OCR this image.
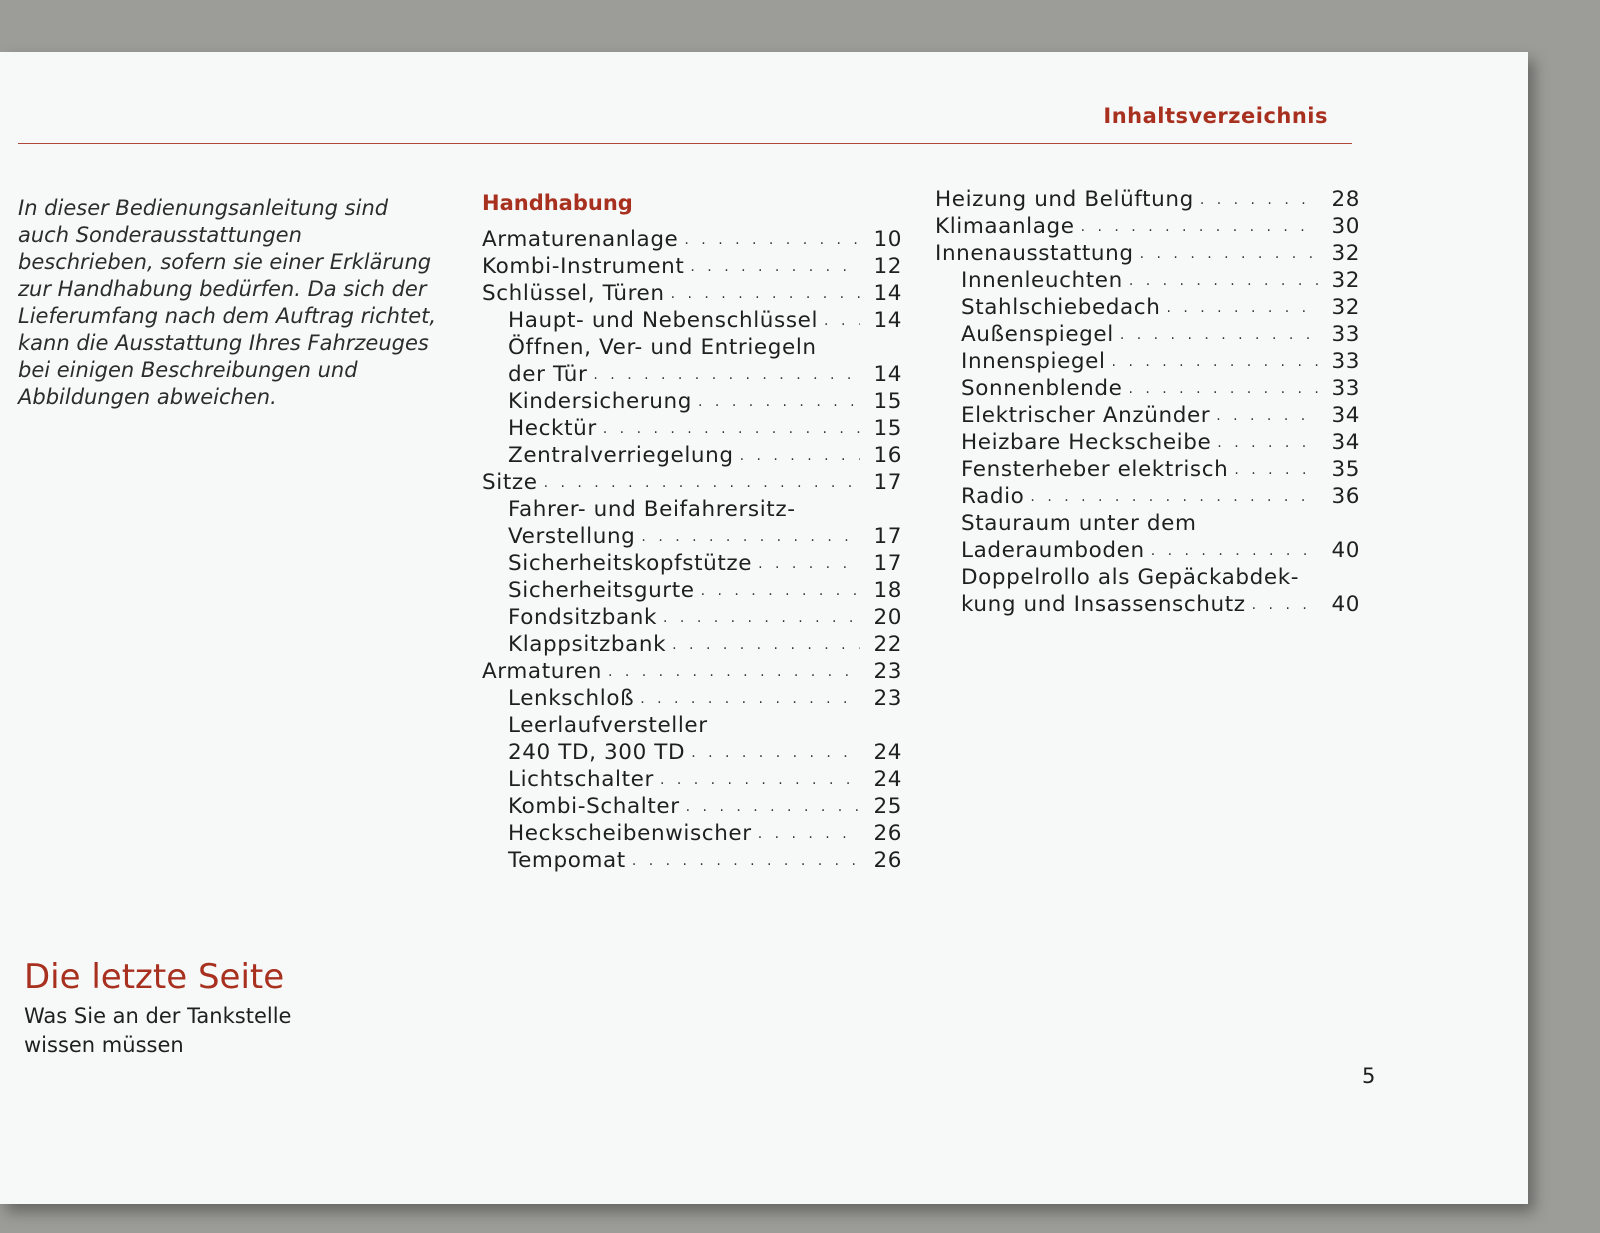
Inhaltsverzeichnis
In dieser Bedienungsanleitung sind auch Sonderausstattungen beschrieben, sofern sie einer Erklärung zur Handhabung bedürfen. Da sich der Lieferumfang nach dem Auftrag richtet, kann die Ausstattung Ihres Fahrzeuges bei einigen Beschreibungen und Abbildungen abweichen.
Handhabung
Armaturenanlage . . .	10
Kombi-Instrument . . .	12
Schlüssel, Türen . . .	14
Haupt- und Nebenschlüssel . . .	14
Öffnen, Ver- und Entriegeln
der Tür . . .	14
Kindersicherung . . .	15
Hecktür . . .	15
Zentralverriegelung . . .	16
Sitze . . .	17
Fahrer- und Beifahrersitz-
Verstellung . . .	17
Sicherheitskopfstütze . . .	17
Sicherheitsgurte . . .	18
Fondsitzbank . . .	20
Klappsitzbank . . .	22
Armaturen . . .	23
Lenkschloß . . .	23
Leerlaufversteller
240 TD, 300 TD . . .	24
Lichtschalter . . .	24
Kombi-Schalter . . .	25
Heckscheibenwischer . . .	26
Tempomat . . .	26
Heizung und Belüftung . . .	28
Klimaanlage . . .	30
Innenausstattung . . .	32
Innenleuchten . . .	32
Stahlschiebedach . . .	32
Außenspiegel . . .	33
Innenspiegel . . .	33
Sonnenblende . . .	33
Elektrischer Anzünder . . .	34
Heizbare Heckscheibe . . .	34
Fensterheber elektrisch . . .	35
Radio . . .	36
Stauraum unter dem
Laderaumboden . . .	40
Doppelrollo als Gepäckabdek-
kung und Insassenschutz . . .	40
Die letzte Seite
Was Sie an der Tankstelle
wissen müssen
5
